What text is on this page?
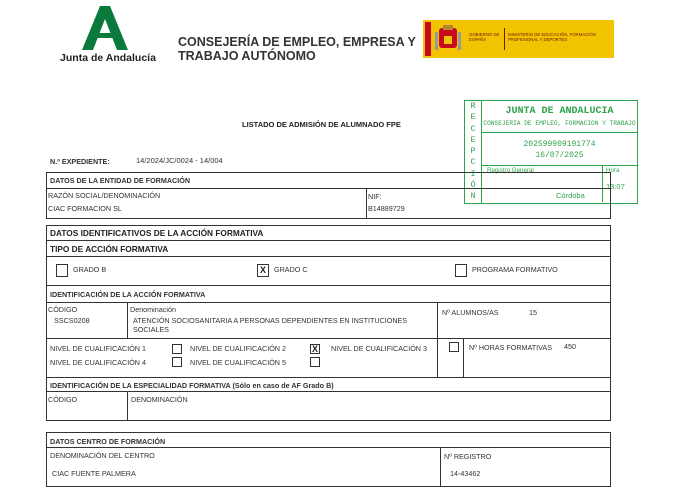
Junta de Andalucía
CONSEJERÍA DE EMPLEO, EMPRESA Y
TRABAJO AUTÓNOMO
GOBIERNO DE ESPAÑA
MINISTERIO DE EDUCACIÓN, FORMACIÓN PROFESIONAL Y DEPORTES
R
E
C
E
P
C
I
Ó
N
JUNTA DE ANDALUCIA
CONSEJERÍA DE EMPLEO, FORMACION Y TRABAJO
202599909191774
16/07/2025
Registro General	Hora
13:07
Córdoba
LISTADO DE ADMISIÓN DE ALUMNADO FPE
N.º EXPEDIENTE:	14/2024/JC/0024 - 14/004
DATOS DE LA ENTIDAD DE FORMACIÓN
RAZÓN SOCIAL/DENOMINACIÓN
CIAC FORMACION SL
NIF:
B14889729
DATOS IDENTIFICATIVOS DE LA ACCIÓN FORMATIVA
TIPO DE ACCIÓN FORMATIVA
GRADO B	X	GRADO C	PROGRAMA FORMATIVO
IDENTIFICACIÓN DE LA ACCIÓN FORMATIVA
CÓDIGO
SSCS0208
Denominación
ATENCIÓN SOCIOSANITARIA A PERSONAS DEPENDIENTES EN INSTITUCIONES
SOCIALES
Nº ALUMNOS/AS	15
NIVEL DE CUALIFICACIÓN 1	NIVEL DE CUALIFICACIÓN 2	X NIVEL DE CUALIFICACIÓN 3
NIVEL DE CUALIFICACIÓN 4	NIVEL DE CUALIFICACIÓN 5
Nº HORAS FORMATIVAS 450
IDENTIFICACIÓN DE LA ESPECIALIDAD FORMATIVA (Sólo en caso de AF Grado B)
CÓDIGO	DENOMINACIÓN
DATOS CENTRO DE FORMACIÓN
DENOMINACIÓN DEL CENTRO
CIAC FUENTE PALMERA
Nº REGISTRO
14-43462
